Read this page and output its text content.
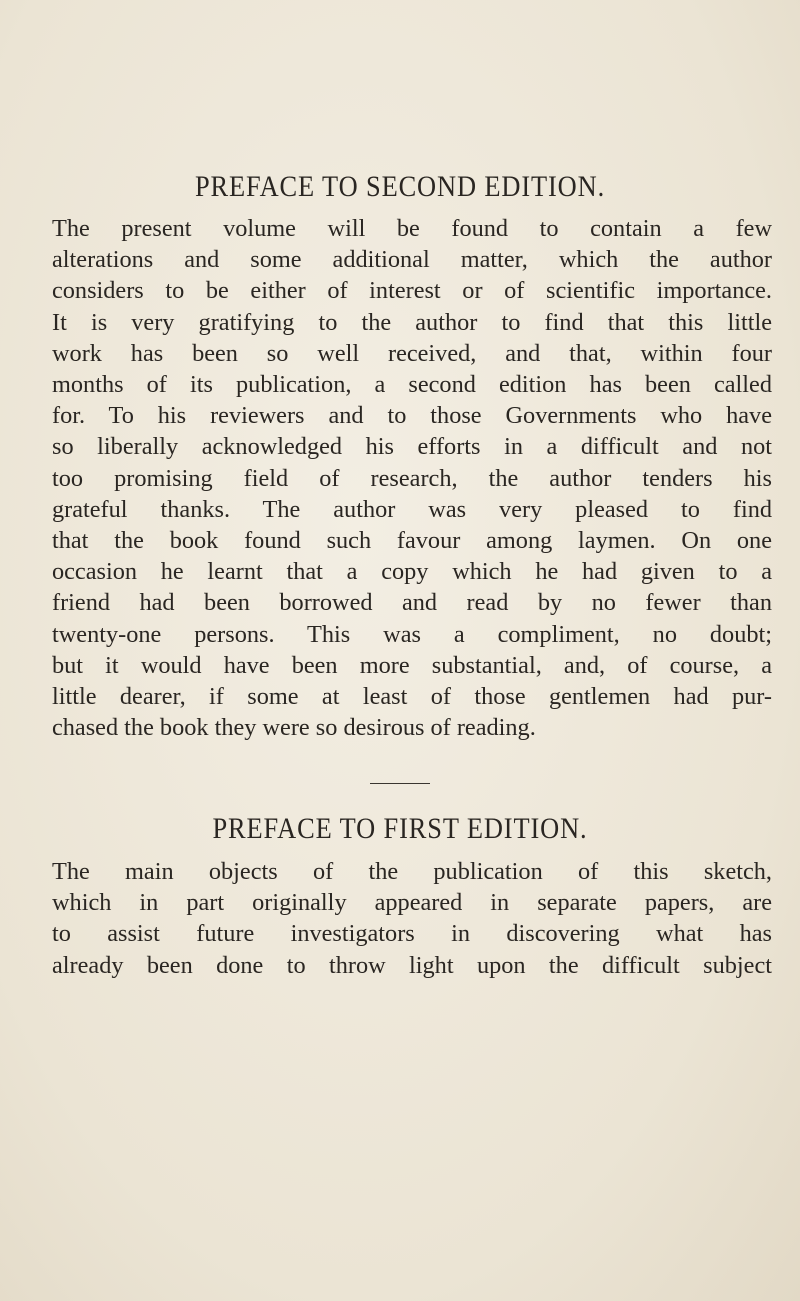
PREFACE TO SECOND EDITION.
The present volume will be found to contain a few
alterations and some additional matter, which the author
considers to be either of interest or of scientific importance.
It is very gratifying to the author to find that this little
work has been so well received, and that, within four
months of its publication, a second edition has been called
for. To his reviewers and to those Governments who have
so liberally acknowledged his efforts in a difficult and not
too promising field of research, the author tenders his
grateful thanks. The author was very pleased to find
that the book found such favour among laymen. On one
occasion he learnt that a copy which he had given to a
friend had been borrowed and read by no fewer than
twenty-one persons. This was a compliment, no doubt;
but it would have been more substantial, and, of course, a
little dearer, if some at least of those gentlemen had pur-
chased the book they were so desirous of reading.
PREFACE TO FIRST EDITION.
The main objects of the publication of this sketch,
which in part originally appeared in separate papers, are
to assist future investigators in discovering what has
already been done to throw light upon the difficult subject
